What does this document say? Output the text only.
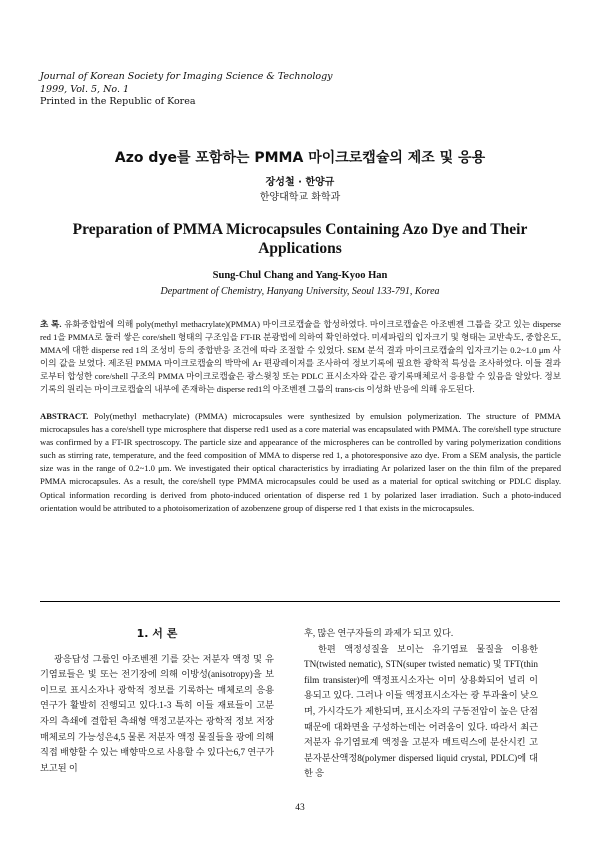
Journal of Korean Society for Imaging Science & Technology
1999, Vol. 5, No. 1
Printed in the Republic of Korea
Azo dye를 포함하는 PMMA 마이크로캡슐의 제조 및 응용
장성철 · 한양규
한양대학교 화학과
Preparation of PMMA Microcapsules Containing Azo Dye and Their Applications
Sung-Chul Chang and Yang-Kyoo Han
Department of Chemistry, Hanyang University, Seoul 133-791, Korea
초 록. 유화중합법에 의해 poly(methyl methacrylate)(PMMA) 마이크로캡슐을 합성하였다. 마이크로캡슐은 아조벤젠 그룹을 갖고 있는 disperse red 1을 PMMA로 둘러 쌓은 core/shell 형태의 구조임을 FT-IR 분광법에 의하여 확인하였다. 미세파립의 입자크기 및 형태는 교반속도, 중합온도, MMA에 대한 disperse red 1의 조성비 등의 중합반응 조건에 따라 조절할 수 있었다. SEM 분석 결과 마이크로캡슐의 입자크기는 0.2~1.0 μm 사이의 값을 보였다. 제조된 PMMA 마이크로캡슐의 박막에 Ar 편광레이저를 조사하여 정보기록에 필요한 광학적 특성을 조사하였다. 이들 결과로부터 합성한 core/shell 구조의 PMMA 마이크로캡슐은 광스윗칭 또는 PDLC 표시소자와 같은 광기록매체로서 응용할 수 있음을 알았다. 정보 기록의 원리는 마이크로캡슐의 내부에 존재하는 disperse red1의 아조벤젠 그룹의 trans-cis 이성화 반응에 의해 유도된다.
ABSTRACT. Poly(methyl methacrylate) (PMMA) microcapsules were synthesized by emulsion polymerization. The structure of PMMA microcapsules has a core/shell type microsphere that disperse red1 used as a core material was encapsulated with PMMA. The core/shell type structure was confirmed by a FT-IR spectroscopy. The particle size and appearance of the microspheres can be controlled by varing polymerization conditions such as stirring rate, temperature, and the feed composition of MMA to disperse red 1, a photoresponsive azo dye. From a SEM analysis, the particle size was in the range of 0.2~1.0 μm. We investigated their optical characteristics by irradiating Ar polarized laser on the thin film of the prepared PMMA microcapsules. As a result, the core/shell type PMMA microcapsules could be used as a material for optical switching or PDLC display. Optical information recording is derived from photo-induced orientation of disperse red 1 by polarized laser irradiation. Such a photo-induced orientation would be attributed to a photoisomerization of azobenzene group of disperse red 1 that exists in the microcapsules.
1. 서 론

광응답성 그룹인 아조벤젠 기를 갖는 저분자 액정 및 유기염료들은 빛 또는 전기장에 의해 이방성(anisotropy)을 보이므로 표시소자나 광학적 정보를 기록하는 매체로의 응용연구가 활발히 진행되고 있다.1-3 특히 이들 재료들이 고분자의 측쇄에 결합된 측쇄형 액정고분자는 광학적 정보 저장 매체로의 가능성은4,5 물론 저분자 액정 물질들을 광에 의해 직접 배향할 수 있는 배향막으로 사용할 수 있다는6,7 연구가 보고된 이

후, 많은 연구자들의 과제가 되고 있다.

한편 액정성질을 보이는 유기염료 물질을 이용한 TN(twisted nematic), STN(super twisted nematic) 및 TFT(thin film transister)에 액정표시소자는 이미 상용화되어 널리 이용되고 있다. 그러나 이들 액정표시소자는 광 투과율이 낮으며, 가시각도가 제한되며, 표시소자의 구동전압이 높은 단점 때문에 대화면을 구성하는데는 어려움이 있다. 따라서 최근 저분자 유기염료계 액정을 고분자 매트릭스에 분산시킨 고분자분산액정8(polymer dispersed liquid crystal, PDLC)에 대한 응

43
